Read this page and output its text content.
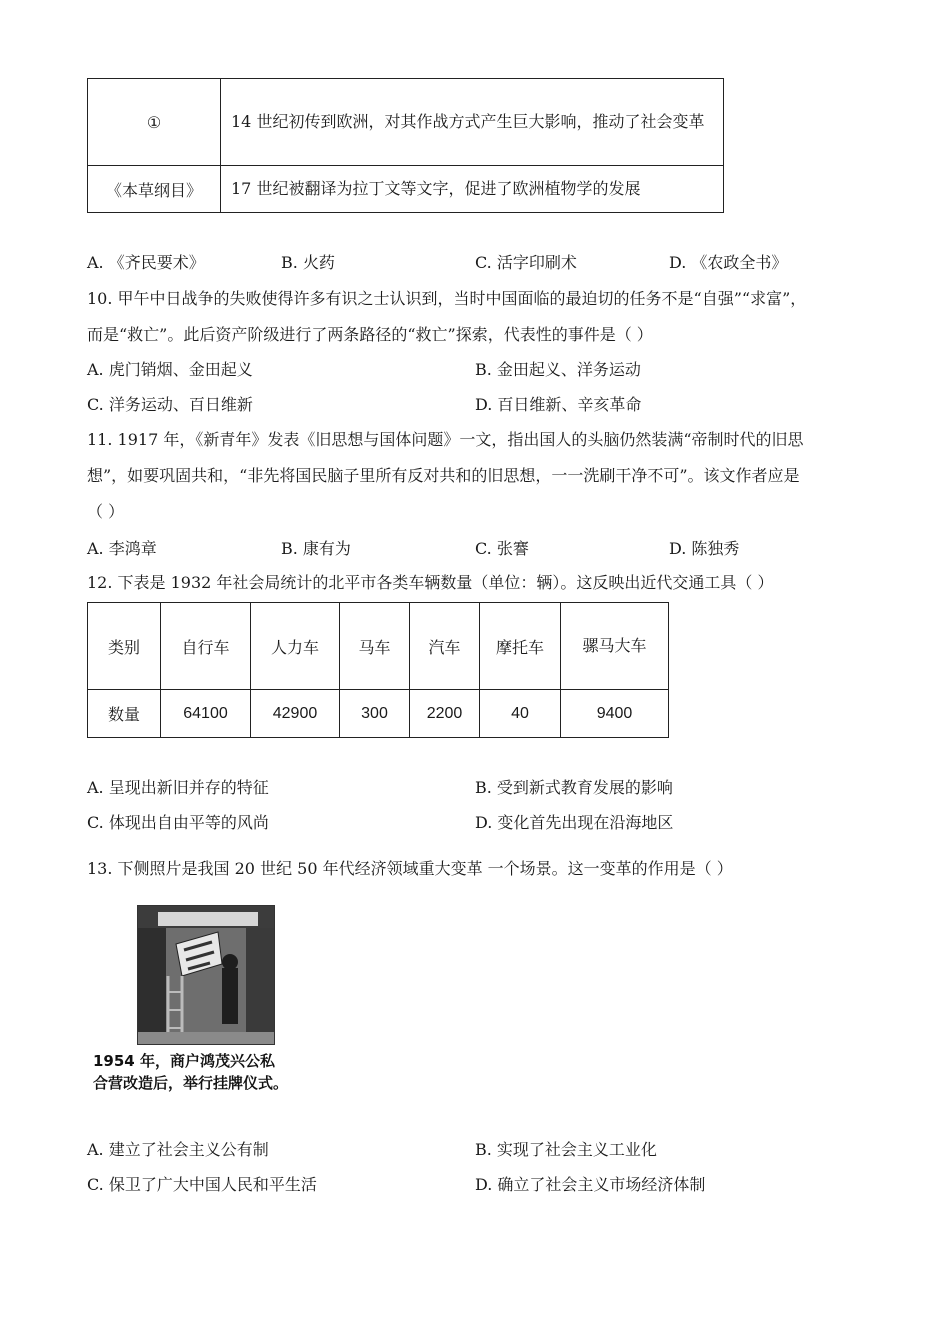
①	14 世纪初传到欧洲，对其作战方式产生巨大影响，推动了社会变革
《本草纲目》	17 世纪被翻译为拉丁文等文字，促进了欧洲植物学的发展
A. 《齐民要术》	B. 火药	C. 活字印刷术	D. 《农政全书》
10. 甲午中日战争的失败使得许多有识之士认识到，当时中国面临的最迫切的任务不是“自强”“求富”，
而是“救亡”。此后资产阶级进行了两条路径的“救亡”探索，代表性的事件是（ ）
A. 虎门销烟、金田起义	B. 金田起义、洋务运动
C. 洋务运动、百日维新	D. 百日维新、辛亥革命
11. 1917 年，《新青年》发表《旧思想与国体问题》一文，指出国人的头脑仍然装满“帝制时代的旧思
想”，如要巩固共和，“非先将国民脑子里所有反对共和的旧思想，一一洗刷干净不可”。该文作者应是
（ ）
A. 李鸿章	B. 康有为	C. 张謇	D. 陈独秀
12. 下表是 1932 年社会局统计的北平市各类车辆数量（单位：辆）。这反映出近代交通工具（ ）
类别	自行车	人力车	马车	汽车	摩托车	骡马大车
数量	64100	42900	300	2200	40	9400
A. 呈现出新旧并存的特征	B. 受到新式教育发展的影响
C. 体现出自由平等的风尚	D. 变化首先出现在沿海地区
13. 下侧照片是我国 20 世纪 50 年代经济领域重大变革 一个场景。这一变革的作用是（ ）
1954 年，商户鸿茂兴公私
合营改造后，举行挂牌仪式。
A. 建立了社会主义公有制	B. 实现了社会主义工业化
C. 保卫了广大中国人民和平生活	D. 确立了社会主义市场经济体制
